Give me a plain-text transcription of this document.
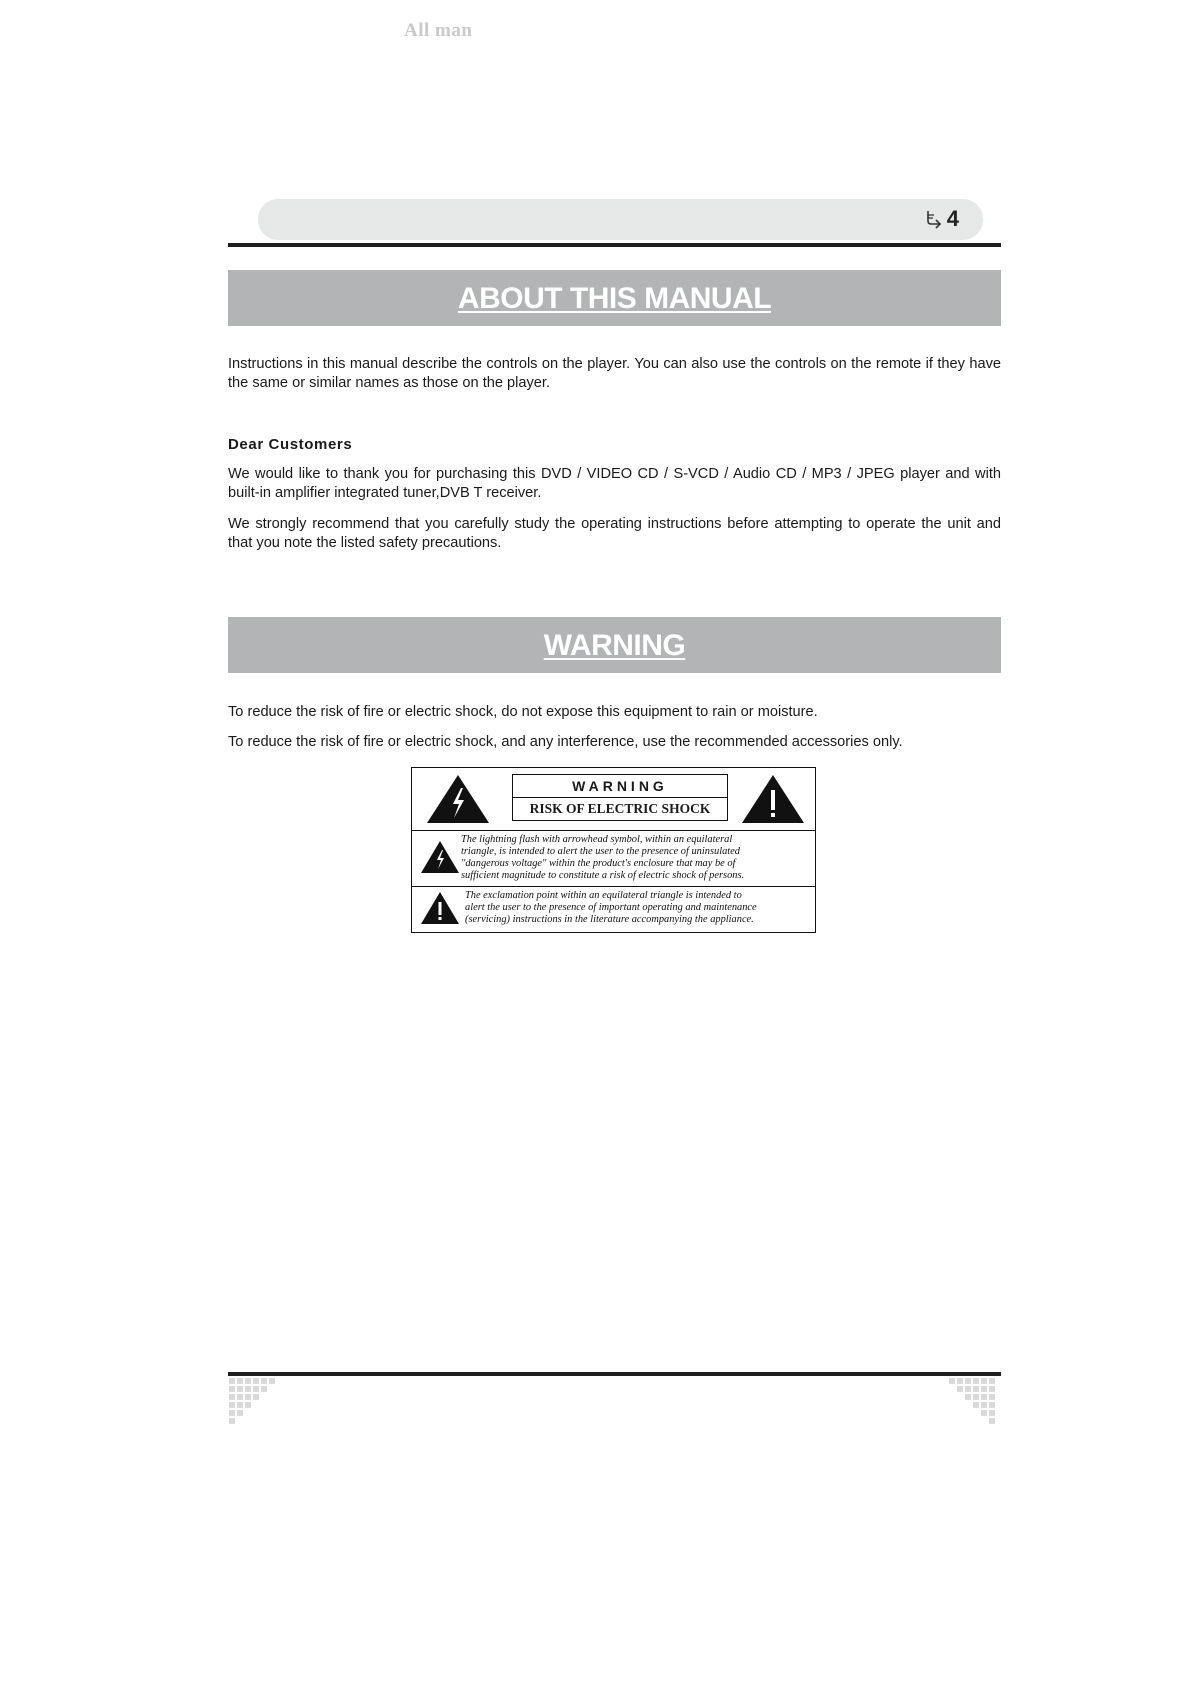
All man
4
ABOUT THIS MANUAL

Instructions in this manual describe the controls on the player. You can also use the controls on the remote if they have the same or similar names as those on the player.

Dear Customers

We would like to thank you for purchasing this DVD / VIDEO CD / S-VCD / Audio CD / MP3 / JPEG player and with built-in amplifier integrated tuner,DVB T receiver.

We strongly recommend that you carefully study the operating instructions before attempting to operate the unit and that you note the listed safety precautions.

WARNING

To reduce the risk of fire or electric shock, do not expose this equipment to rain or moisture.

To reduce the risk of fire or electric shock, and any interference, use the recommended accessories only.

WARNING
RISK OF ELECTRIC SHOCK

The lightning flash with arrowhead symbol, within an equilateral

triangle, is intended to alert the user to the presence of uninsulated

"dangerous voltage" within the product's enclosure that may be of

sufficient magnitude to constitute a risk of electric shock of persons.

The exclamation point within an equilateral triangle is intended to

alert the user to the presence of important operating and maintenance

(servicing) instructions in the literature accompanying the appliance.
